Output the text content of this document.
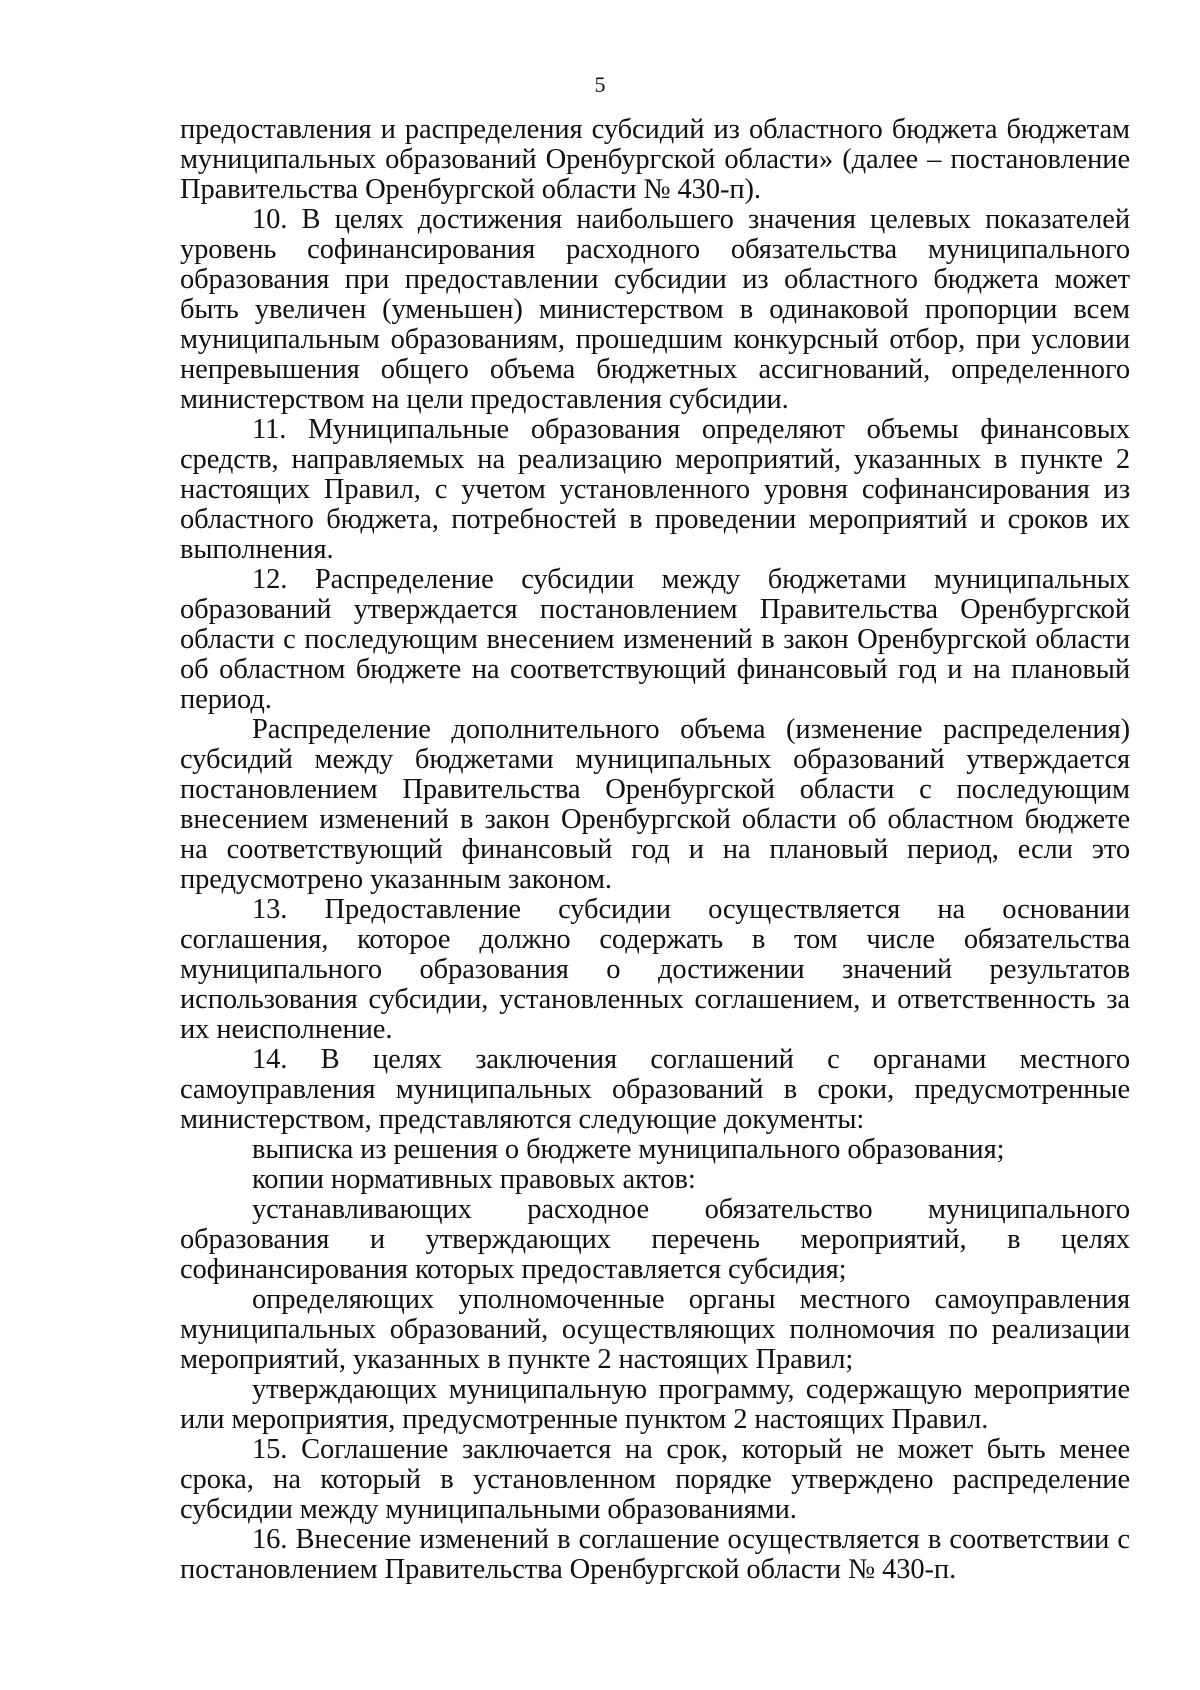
5

предоставления и распределения субсидий из областного бюджета бюджетам муниципальных образований Оренбургской области» (далее – постановление Правительства Оренбургской области № 430-п).

10. В целях достижения наибольшего значения целевых показателей уровень софинансирования расходного обязательства муниципального образования при предоставлении субсидии из областного бюджета может быть увеличен (уменьшен) министерством в одинаковой пропорции всем муниципальным образованиям, прошедшим конкурсный отбор, при условии непревышения общего объема бюджетных ассигнований, определенного министерством на цели предоставления субсидии.

11. Муниципальные образования определяют объемы финансовых средств, направляемых на реализацию мероприятий, указанных в пункте 2 настоящих Правил, с учетом установленного уровня софинансирования из областного бюджета, потребностей в проведении мероприятий и сроков их выполнения.

12. Распределение субсидии между бюджетами муниципальных образований утверждается постановлением Правительства Оренбургской области с последующим внесением изменений в закон Оренбургской области об областном бюджете на соответствующий финансовый год и на плановый период.

Распределение дополнительного объема (изменение распределения) субсидий между бюджетами муниципальных образований утверждается постановлением Правительства Оренбургской области с последующим внесением изменений в закон Оренбургской области об областном бюджете на соответствующий финансовый год и на плановый период, если это предусмотрено указанным законом.

13. Предоставление субсидии осуществляется на основании соглашения, которое должно содержать в том числе обязательства муниципального образования о достижении значений результатов использования субсидии, установленных соглашением, и ответственность за их неисполнение.

14. В целях заключения соглашений с органами местного самоуправления муниципальных образований в сроки, предусмотренные министерством, представляются следующие документы:

выписка из решения о бюджете муниципального образования;

копии нормативных правовых актов:

устанавливающих расходное обязательство муниципального образования и утверждающих перечень мероприятий, в целях софинансирования которых предоставляется субсидия;

определяющих уполномоченные органы местного самоуправления муниципальных образований, осуществляющих полномочия по реализации мероприятий, указанных в пункте 2 настоящих Правил;

утверждающих муниципальную программу, содержащую мероприятие или мероприятия, предусмотренные пунктом 2 настоящих Правил.

15. Соглашение заключается на срок, который не может быть менее срока, на который в установленном порядке утверждено распределение субсидии между муниципальными образованиями.

16. Внесение изменений в соглашение осуществляется в соответствии с постановлением Правительства Оренбургской области № 430-п.
